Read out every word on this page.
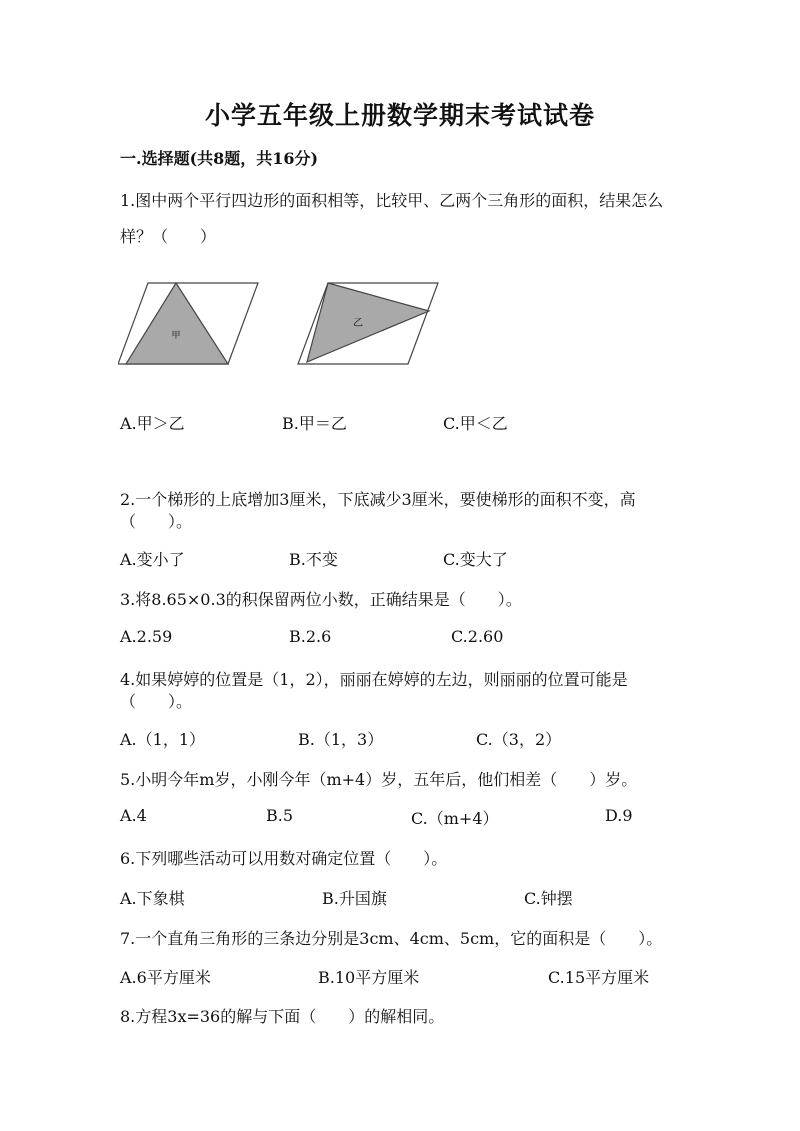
小学五年级上册数学期末考试试卷
一.选择题(共8题，共16分)
1.图中两个平行四边形的面积相等，比较甲、乙两个三角形的面积，结果怎么
样？（　　）
甲
乙
A.甲＞乙	B.甲＝乙	C.甲＜乙
2.一个梯形的上底增加3厘米，下底减少3厘米，要使梯形的面积不变，高
（　　）。
A.变小了	B.不变	C.变大了
3.将8.65×0.3的积保留两位小数，正确结果是（　　）。
A.2.59	B.2.6	C.2.60
4.如果婷婷的位置是（1，2），丽丽在婷婷的左边，则丽丽的位置可能是
（　　）。
A.（1，1）	B.（1，3）	C.（3，2）
5.小明今年m岁，小刚今年（m+4）岁，五年后，他们相差（　　）岁。
A.4	B.5	C.（m+4）	D.9
6.下列哪些活动可以用数对确定位置（　　）。
A.下象棋	B.升国旗	C.钟摆
7.一个直角三角形的三条边分别是3cm、4cm、5cm，它的面积是（　　）。
A.6平方厘米	B.10平方厘米	C.15平方厘米
8.方程3x=36的解与下面（　　）的解相同。
